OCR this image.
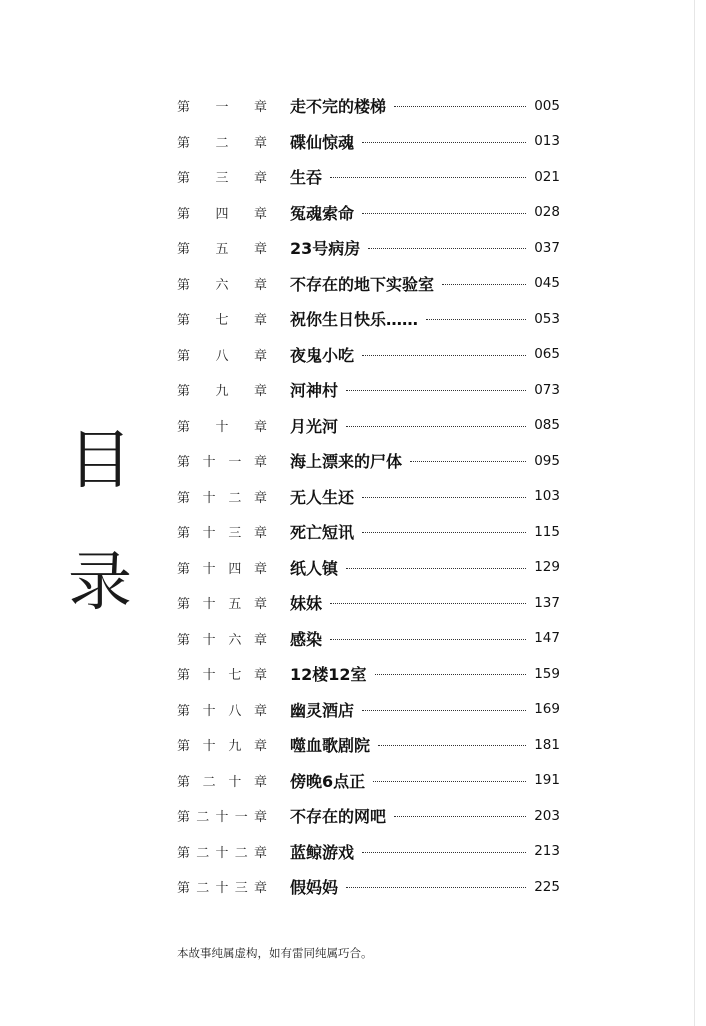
目
录
第 一 章 走不完的楼梯	005
第 二 章 碟仙惊魂	013
第 三 章 生吞	021
第 四 章 冤魂索命	028
第 五 章 23号病房	037
第 六 章 不存在的地下实验室	045
第 七 章 祝你生日快乐……	053
第 八 章 夜鬼小吃	065
第 九 章 河神村	073
第 十 章 月光河	085
第 十 一 章 海上漂来的尸体	095
第 十 二 章 无人生还	103
第 十 三 章 死亡短讯	115
第 十 四 章 纸人镇	129
第 十 五 章 妹妹	137
第 十 六 章 感染	147
第 十 七 章 12楼12室	159
第 十 八 章 幽灵酒店	169
第 十 九 章 噬血歌剧院	181
第 二 十 章 傍晚6点正	191
第 二 十 一 章 不存在的网吧	203
第 二 十 二 章 蓝鲸游戏	213
第 二 十 三 章 假妈妈	225
本故事纯属虚构，如有雷同纯属巧合。
